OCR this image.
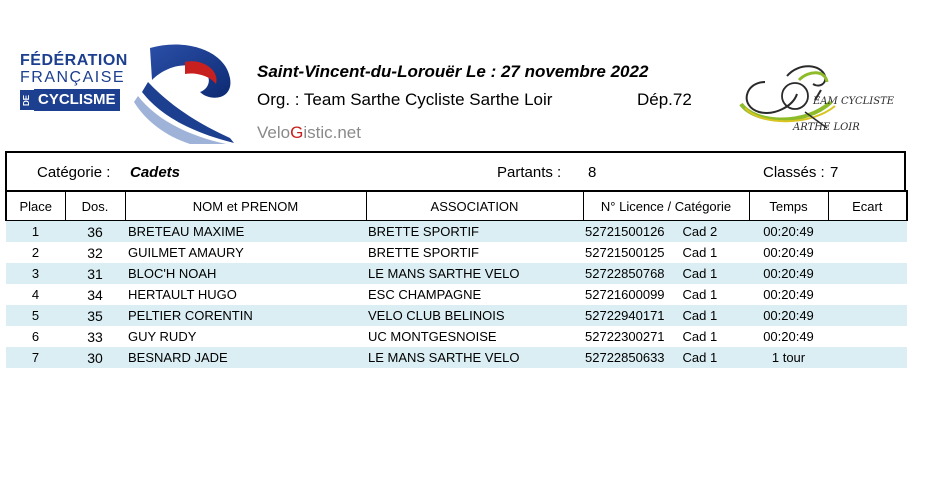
FÉDÉRATION
FRANÇAISE
DE CYCLISME
Saint-Vincent-du-Lorouër Le : 27 novembre 2022
Org. : Team Sarthe Cycliste Sarthe Loir	Dép.72
VeloGistic.net
EAM CYCLISTE
ARTHE LOIR
Catégorie : Cadets	Partants : 8	Classés : 7
Place	Dos.	NOM et PRENOM	ASSOCIATION	N° Licence / Catégorie	Temps	Ecart
1	36	BRETEAU MAXIME	BRETTE SPORTIF	52721500126 Cad 2	00:20:49	
2	32	GUILMET AMAURY	BRETTE SPORTIF	52721500125 Cad 1	00:20:49	
3	31	BLOC'H NOAH	LE MANS SARTHE VELO	52722850768 Cad 1	00:20:49	
4	34	HERTAULT HUGO	ESC CHAMPAGNE	52721600099 Cad 1	00:20:49	
5	35	PELTIER CORENTIN	VELO CLUB BELINOIS	52722940171 Cad 1	00:20:49	
6	33	GUY RUDY	UC MONTGESNOISE	52722300271 Cad 1	00:20:49	
7	30	BESNARD JADE	LE MANS SARTHE VELO	52722850633 Cad 1	1 tour	
